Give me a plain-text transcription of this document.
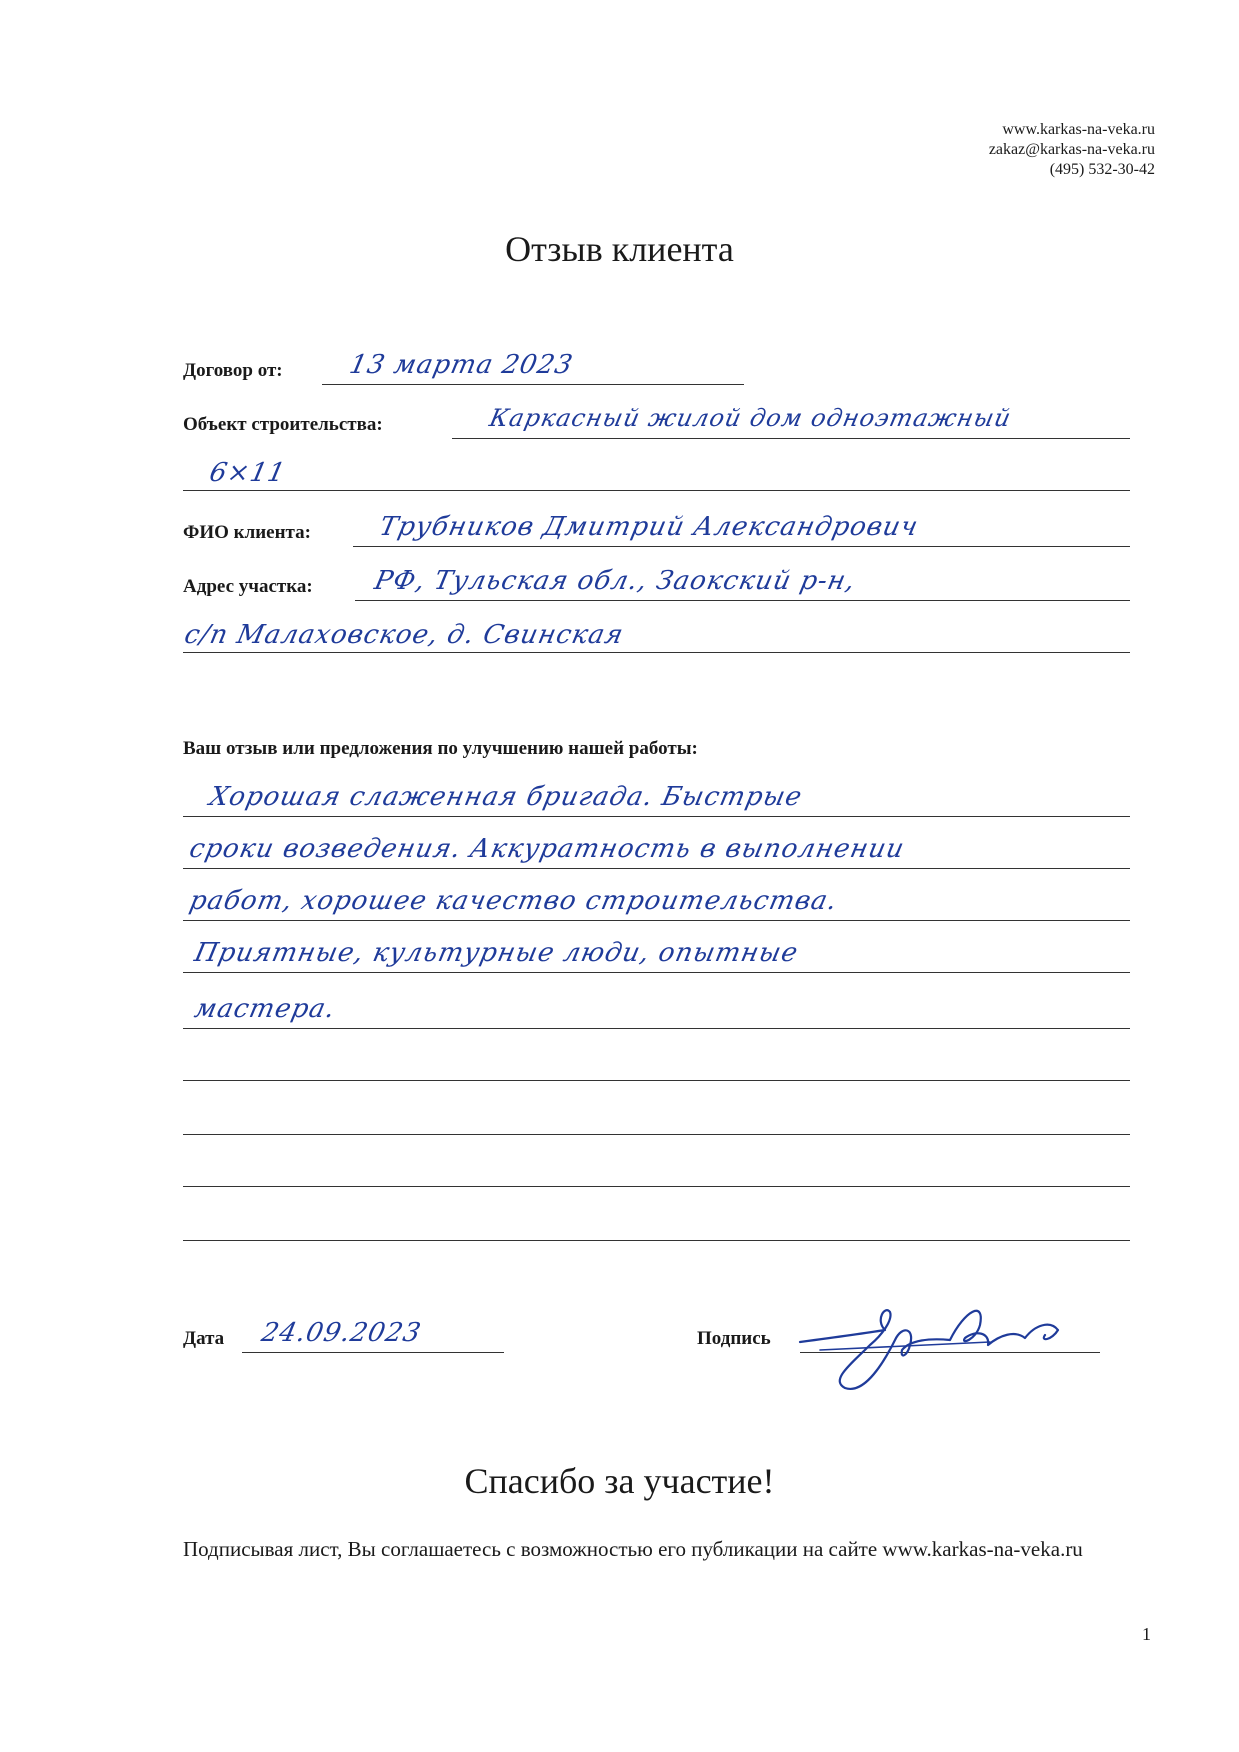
www.karkas-na-veka.ru
zakaz@karkas-na-veka.ru
(495) 532-30-42
Отзыв клиента
Договор от: 13 марта 2023
Объект строительства:	Каркасный жилой дом одноэтажный
6×11
ФИО клиента:	Трубников Дмитрий Александрович
Адрес участка: РФ, Тульская обл., Заокский р-н,
с/п Малаховское, д. Свинская
Ваш отзыв или предложения по улучшению нашей работы:
Хорошая слаженная бригада. Быстрые
сроки возведения. Аккуратность в выполнении
работ, хорошее качество строительства.
Приятные, культурные люди, опытные
мастера.
Дата 24.09.2023	Подпись
Спасибо за участие!
Подписывая лист, Вы соглашаетесь с возможностью его публикации на сайте www.karkas-na-veka.ru
1
